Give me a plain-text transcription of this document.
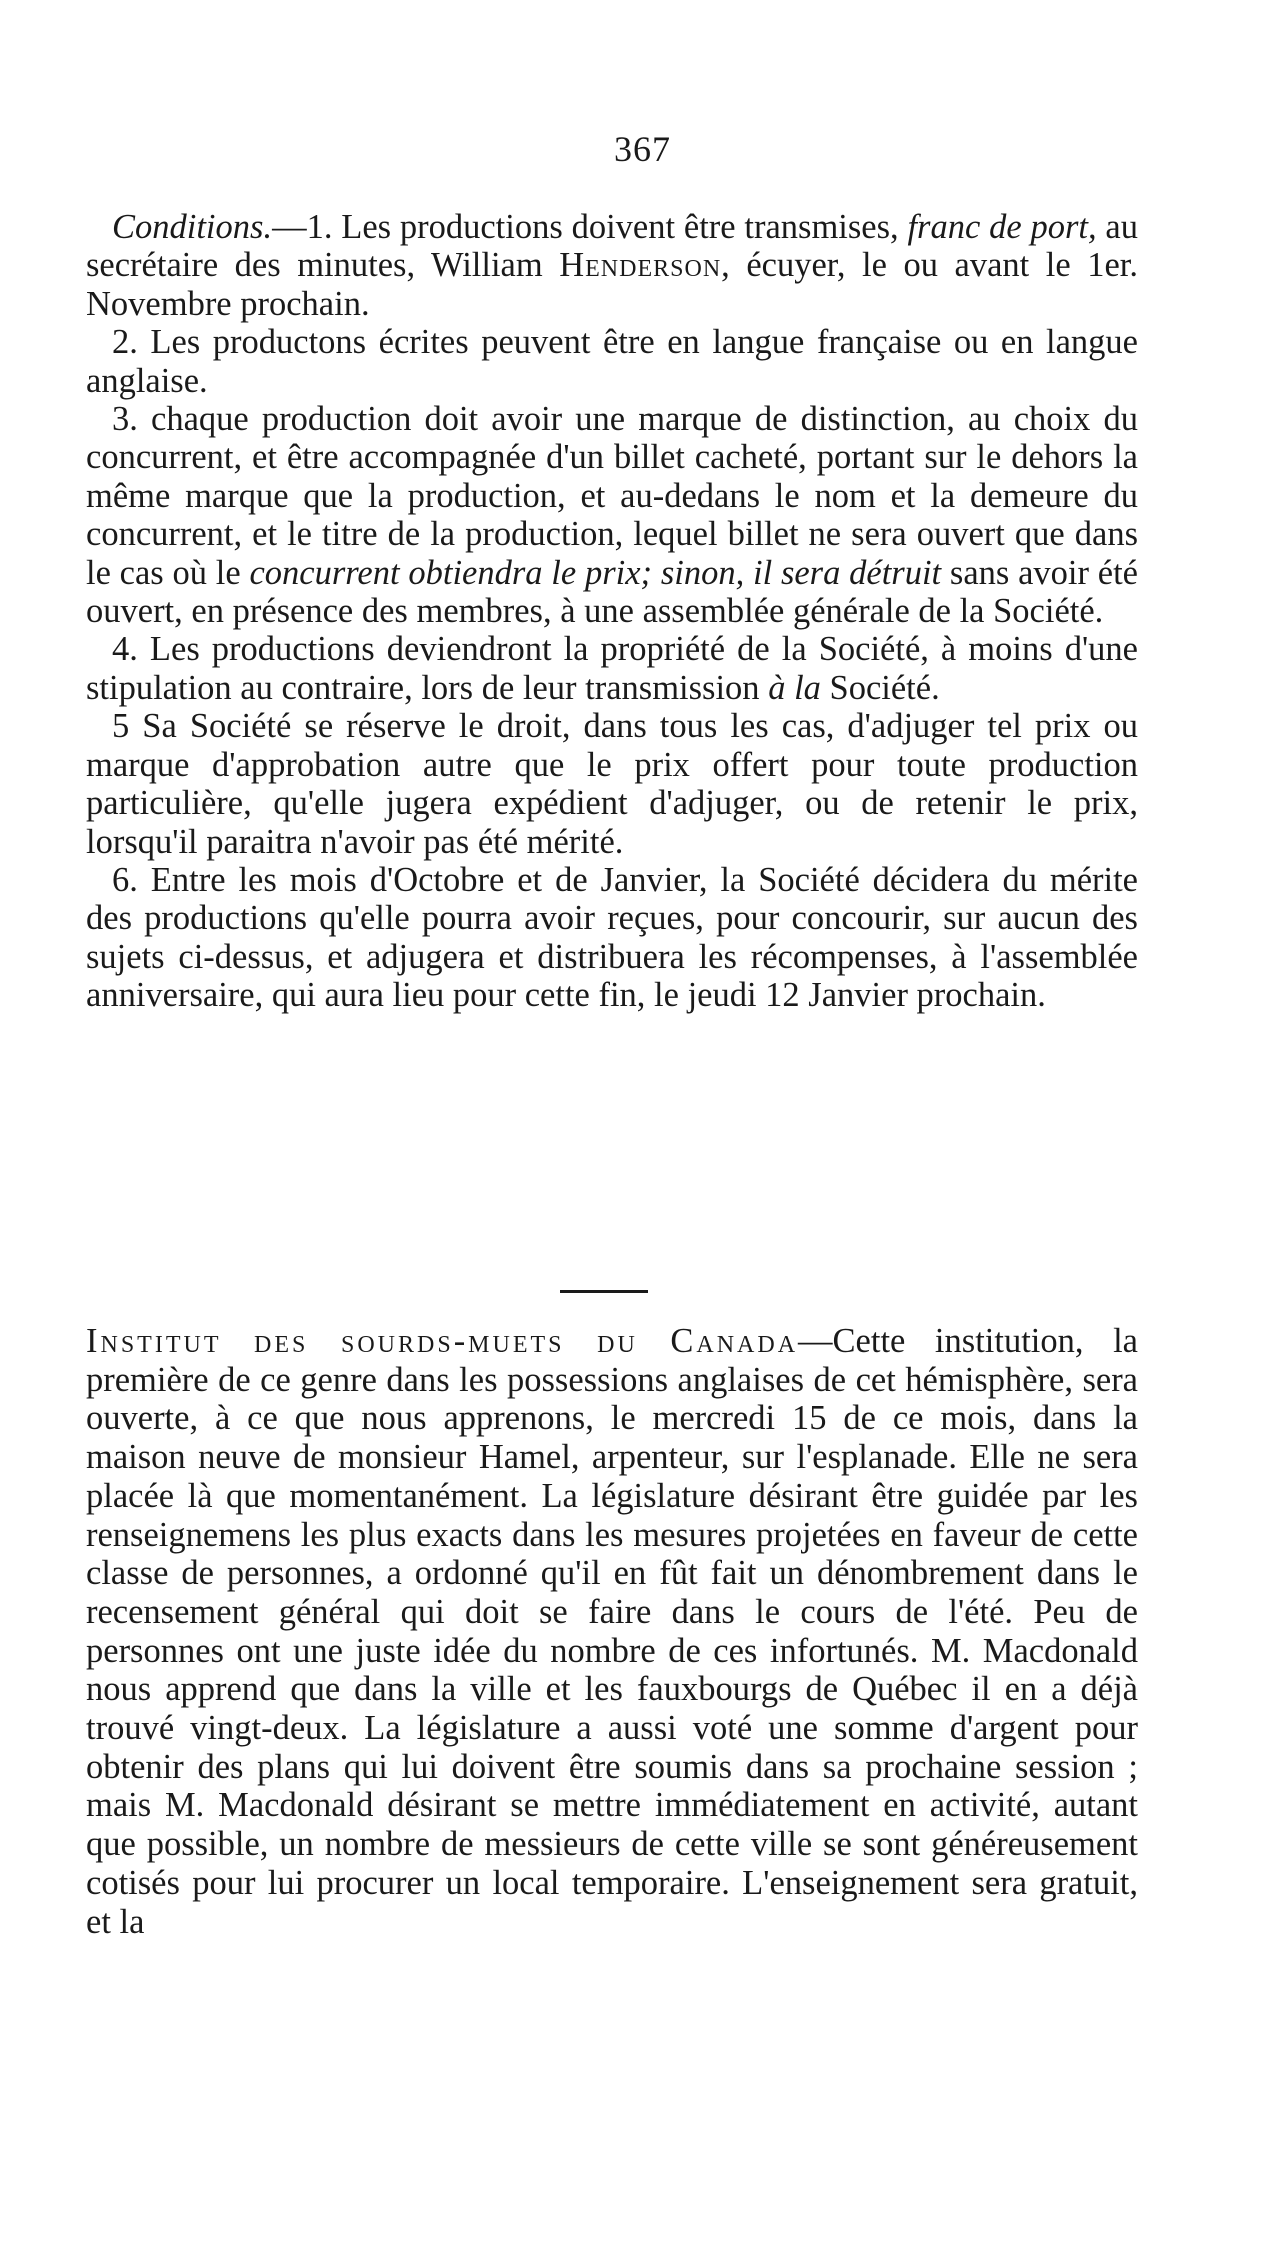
367

Conditions.—1. Les productions doivent être transmises, franc de port, au secrétaire des minutes, William Henderson, écuyer, le ou avant le 1er. Novembre prochain.

2. Les productons écrites peuvent être en langue française ou en langue anglaise.

3. chaque production doit avoir une marque de distinction, au choix du concurrent, et être accompagnée d'un billet cacheté, portant sur le dehors la même marque que la production, et au-dedans le nom et la demeure du concurrent, et le titre de la production, lequel billet ne sera ouvert que dans le cas où le concurrent obtiendra le prix; sinon, il sera détruit sans avoir été ouvert, en présence des membres, à une assemblée générale de la Société.

4. Les productions deviendront la propriété de la Société, à moins d'une stipulation au contraire, lors de leur transmission à la Société.

5 Sa Société se réserve le droit, dans tous les cas, d'adjuger tel prix ou marque d'approbation autre que le prix offert pour toute production particulière, qu'elle jugera expédient d'adjuger, ou de retenir le prix, lorsqu'il paraitra n'avoir pas été mérité.

6. Entre les mois d'Octobre et de Janvier, la Société décidera du mérite des productions qu'elle pourra avoir reçues, pour concourir, sur aucun des sujets ci-dessus, et adjugera et distribuera les récompenses, à l'assemblée anniversaire, qui aura lieu pour cette fin, le jeudi 12 Janvier prochain.

Institut des sourds-muets du Canada—Cette institution, la première de ce genre dans les possessions anglaises de cet hémisphère, sera ouverte, à ce que nous apprenons, le mercredi 15 de ce mois, dans la maison neuve de monsieur Hamel, arpenteur, sur l'esplanade. Elle ne sera placée là que momentanément. La législature désirant être guidée par les renseignemens les plus exacts dans les mesures projetées en faveur de cette classe de personnes, a ordonné qu'il en fût fait un dénombrement dans le recensement général qui doit se faire dans le cours de l'été. Peu de personnes ont une juste idée du nombre de ces infortunés. M. Macdonald nous apprend que dans la ville et les fauxbourgs de Québec il en a déjà trouvé vingt-deux. La législature a aussi voté une somme d'argent pour obtenir des plans qui lui doivent être soumis dans sa prochaine session ; mais M. Macdonald désirant se mettre immédiatement en activité, autant que possible, un nombre de messieurs de cette ville se sont généreusement cotisés pour lui procurer un local temporaire. L'enseignement sera gratuit, et la
